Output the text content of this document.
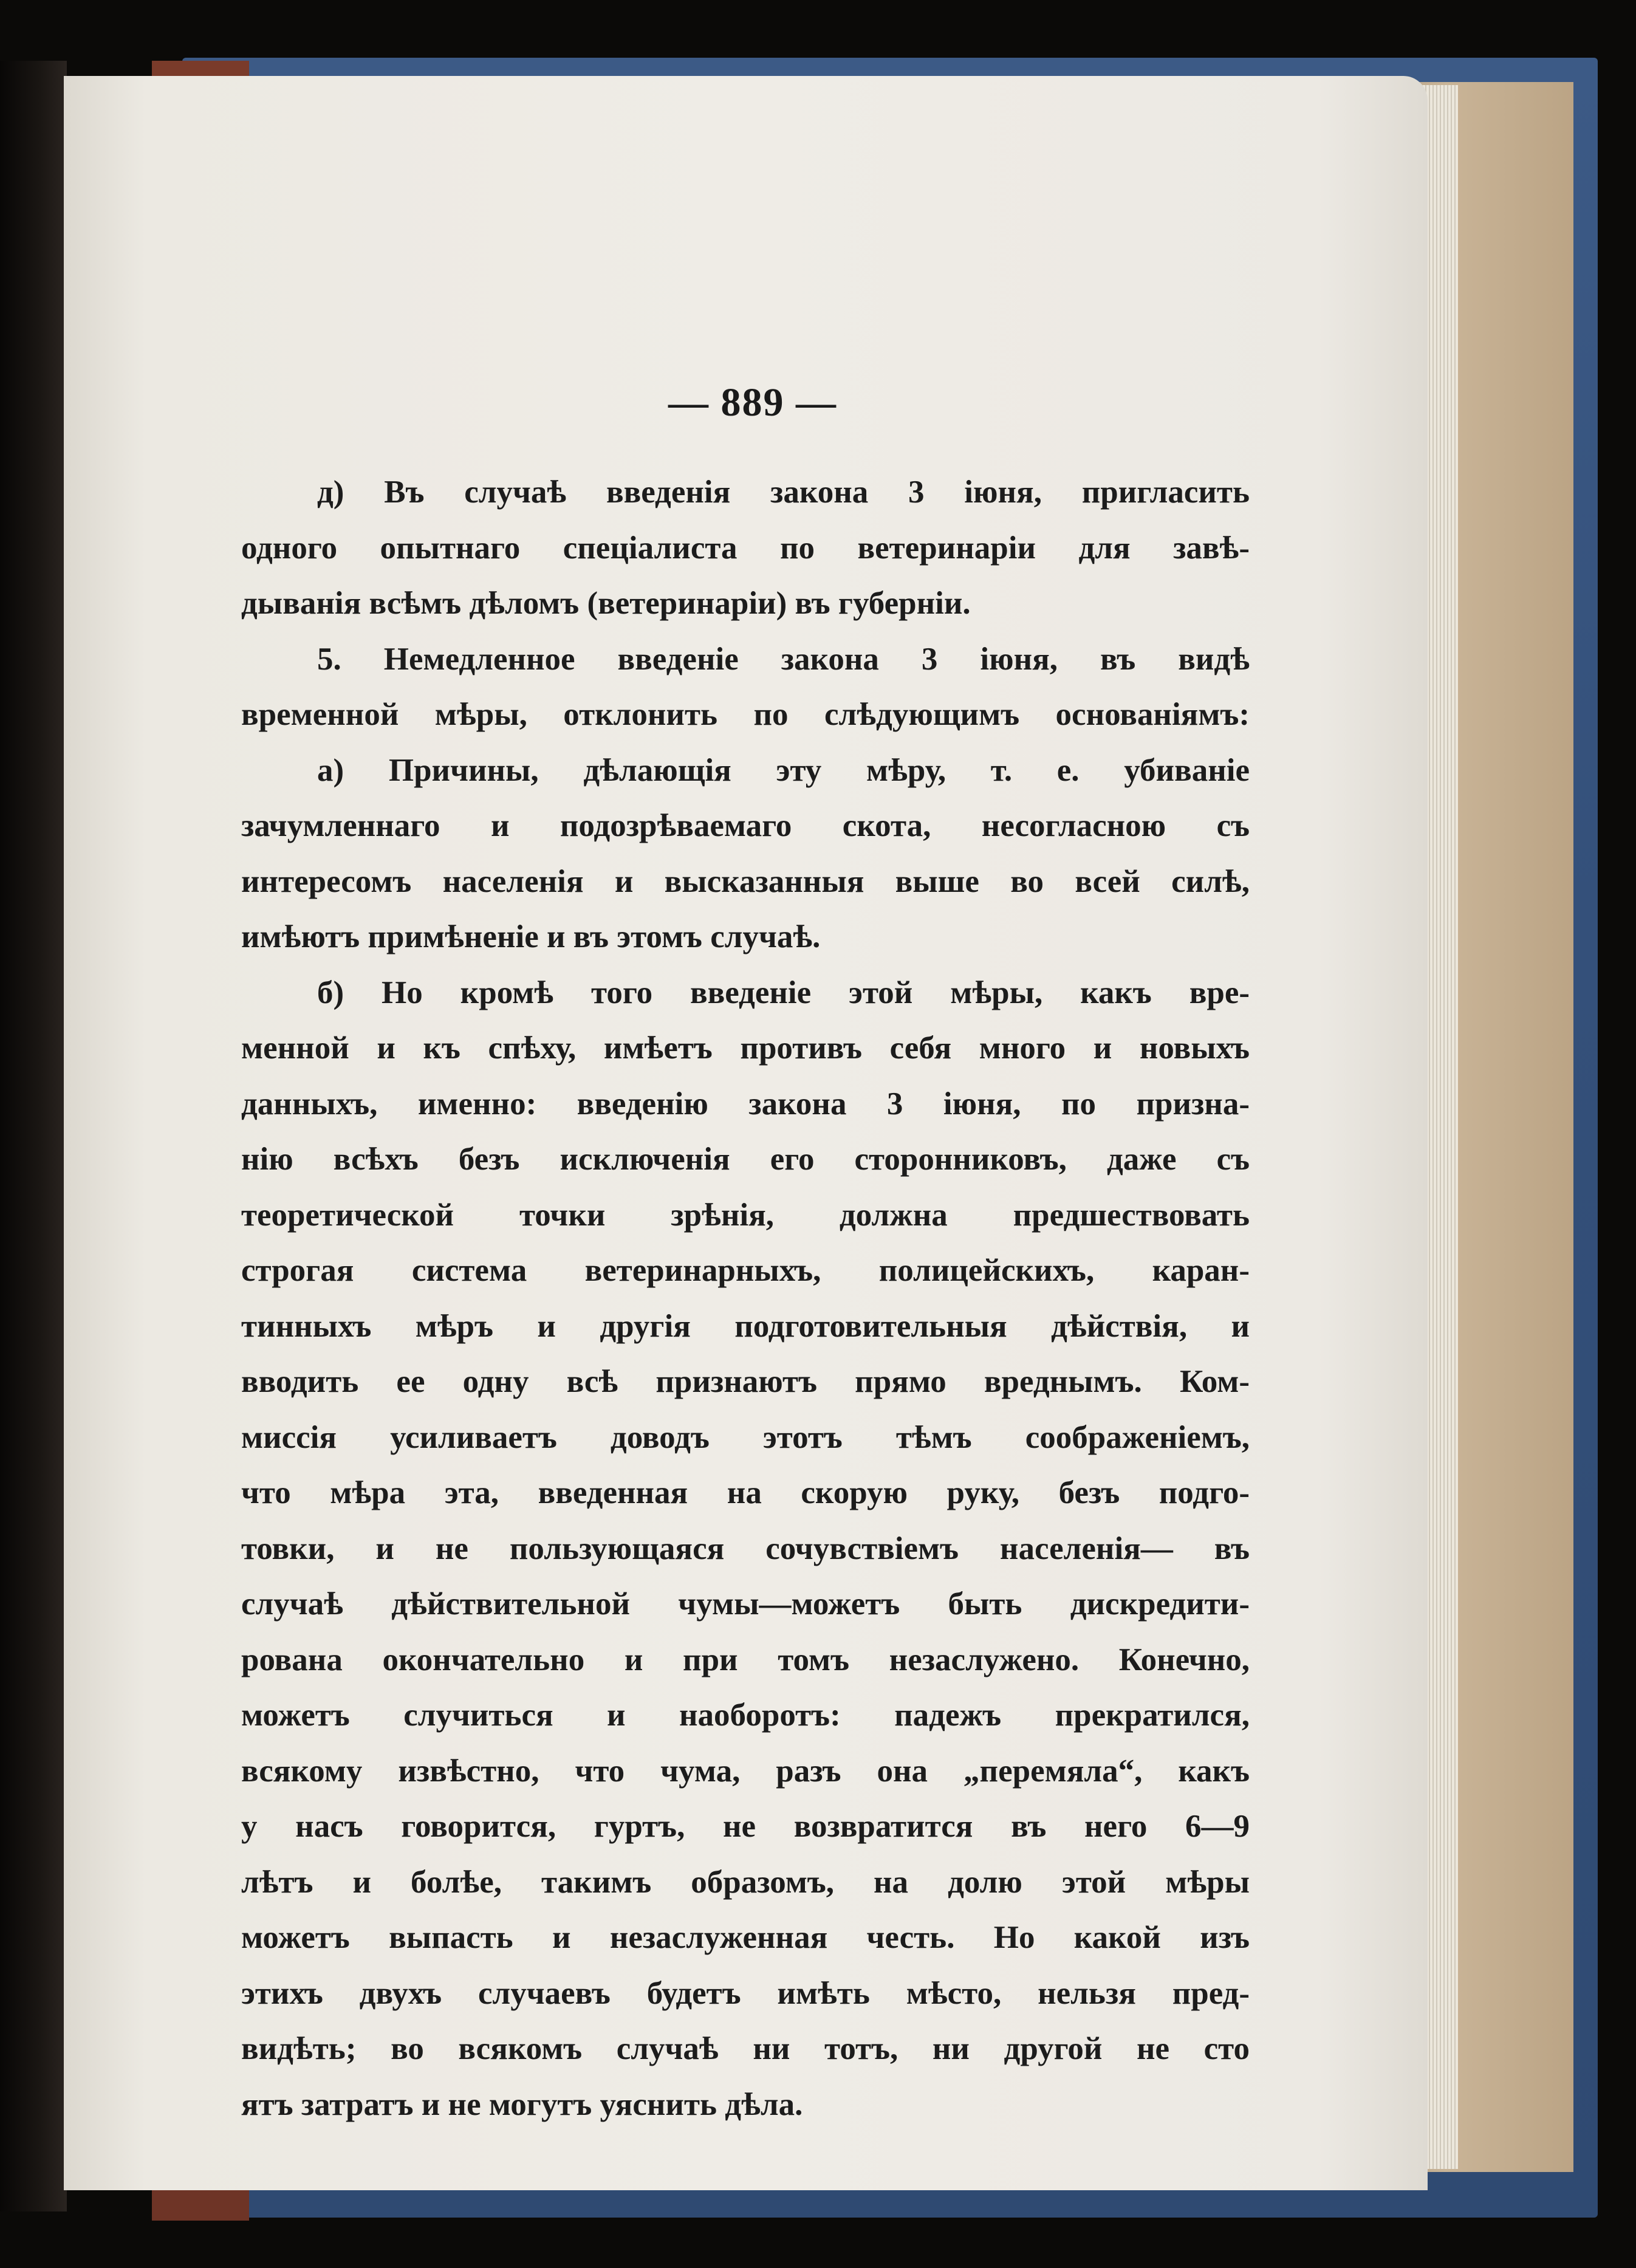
— 889 —
д) Въ случаѣ введенія закона 3 іюня, пригласить
одного опытнаго спеціалиста по ветеринаріи для завѣ-
дыванія всѣмъ дѣломъ (ветеринаріи) въ губерніи.
5. Немедленное введеніе закона 3 іюня, въ видѣ
временной мѣры, отклонить по слѣдующимъ основаніямъ:
а) Причины, дѣлающія эту мѣру, т. е. убиваніе
зачумленнаго и подозрѣваемаго скота, несогласною съ
интересомъ населенія и высказанныя выше во всей силѣ,
имѣютъ примѣненіе и въ этомъ случаѣ.
б) Но кромѣ того введеніе этой мѣры, какъ вре-
менной и къ спѣху, имѣетъ противъ себя много и новыхъ
данныхъ, именно: введенію закона 3 іюня, по призна-
нію всѣхъ безъ исключенія его сторонниковъ, даже съ
теоретической точки зрѣнія, должна предшествовать
строгая система ветеринарныхъ, полицейскихъ, каран-
тинныхъ мѣръ и другія подготовительныя дѣйствія, и
вводить ее одну всѣ признаютъ прямо вреднымъ. Ком-
миссія усиливаетъ доводъ этотъ тѣмъ соображеніемъ,
что мѣра эта, введенная на скорую руку, безъ подго-
товки, и не пользующаяся сочувствіемъ населенія— въ
случаѣ дѣйствительной чумы—можетъ быть дискредити-
рована окончательно и при томъ незаслужено. Конечно,
можетъ случиться и наоборотъ: падежъ прекратился,
всякому извѣстно, что чума, разъ она „перемяла“, какъ
у насъ говорится, гуртъ, не возвратится въ него 6—9
лѣтъ и болѣе, такимъ образомъ, на долю этой мѣры
можетъ выпасть и незаслуженная честь. Но какой изъ
этихъ двухъ случаевъ будетъ имѣть мѣсто, нельзя пред-
видѣть; во всякомъ случаѣ ни тотъ, ни другой не сто
ятъ затратъ и не могутъ уяснить дѣла.
